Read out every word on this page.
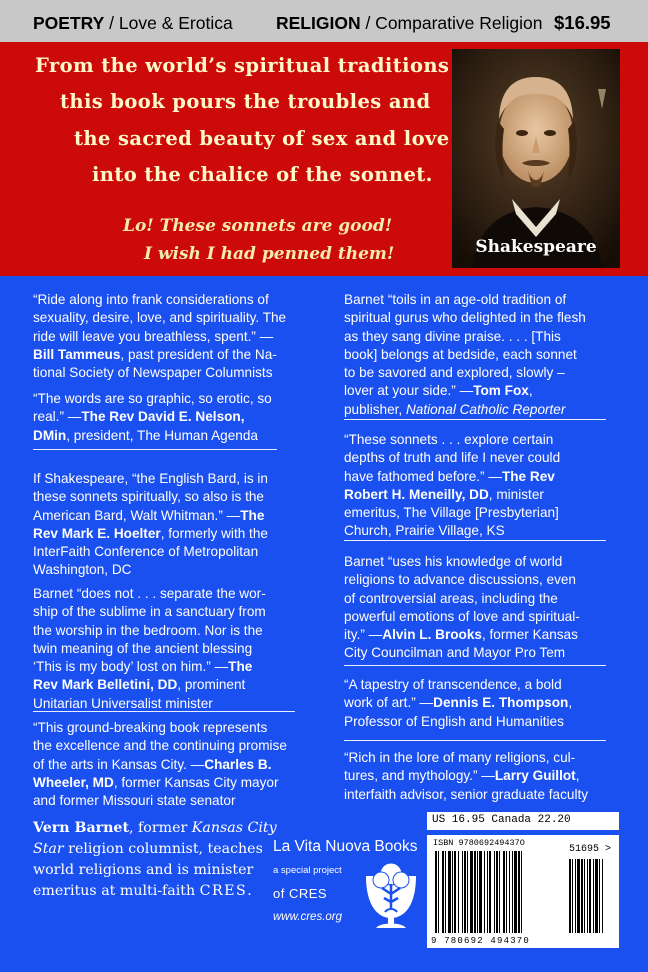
POETRY / Love & Erotica RELIGION / Comparative Religion $16.95
From the world’s spiritual traditions
this book pours the troubles and
the sacred beauty of sex and love
into the chalice of the sonnet.
Lo! These sonnets are good!
I wish I had penned them!	Shakespeare

“Ride along into frank considerations of
sexuality, desire, love, and spirituality. The
ride will leave you breathless, spent.” —
Bill Tammeus, past president of the Na-
tional Society of Newspaper Columnists

“The words are so graphic, so erotic, so
real.” —The Rev David E. Nelson,
DMin, president, The Human Agenda

If Shakespeare, “the English Bard, is in
these sonnets spiritually, so also is the
American Bard, Walt Whitman.” —The
Rev Mark E. Hoelter, formerly with the
InterFaith Conference of Metropolitan
Washington, DC

Barnet “does not . . . separate the wor-
ship of the sublime in a sanctuary from
the worship in the bedroom. Nor is the
twin meaning of the ancient blessing
‘This is my body’ lost on him.” —The
Rev Mark Belletini, DD, prominent
Unitarian Universalist minister

“This ground-breaking book represents
the excellence and the continuing promise
of the arts in Kansas City. —Charles B.
Wheeler, MD, former Kansas City mayor
and former Missouri state senator

Barnet “toils in an age-old tradition of
spiritual gurus who delighted in the flesh
as they sang divine praise. . . . [This
book] belongs at bedside, each sonnet
to be savored and explored, slowly –
lover at your side.” —Tom Fox,
publisher, National Catholic Reporter

“These sonnets . . . explore certain
depths of truth and life I never could
have fathomed before.” —The Rev
Robert H. Meneilly, DD, minister
emeritus, The Village [Presbyterian]
Church, Prairie Village, KS

Barnet “uses his knowledge of world
religions to advance discussions, even
of controversial areas, including the
powerful emotions of love and spiritual-
ity.” —Alvin L. Brooks, former Kansas
City Councilman and Mayor Pro Tem

“A tapestry of transcendence, a bold
work of art.” —Dennis E. Thompson,
Professor of English and Humanities

“Rich in the lore of many religions, cul-
tures, and mythology.” —Larry Guillot,
interfaith advisor, senior graduate faculty

Vern Barnet, former Kansas City
Star religion columnist, teaches
world religions and is minister
emeritus at multi-faith CRES.
La Vita Nuova Books
a special project
of CRES
www.cres.org
US 16.95 Canada 22.20
ISBN 978069249437O
51695 >
9 780692 494370
